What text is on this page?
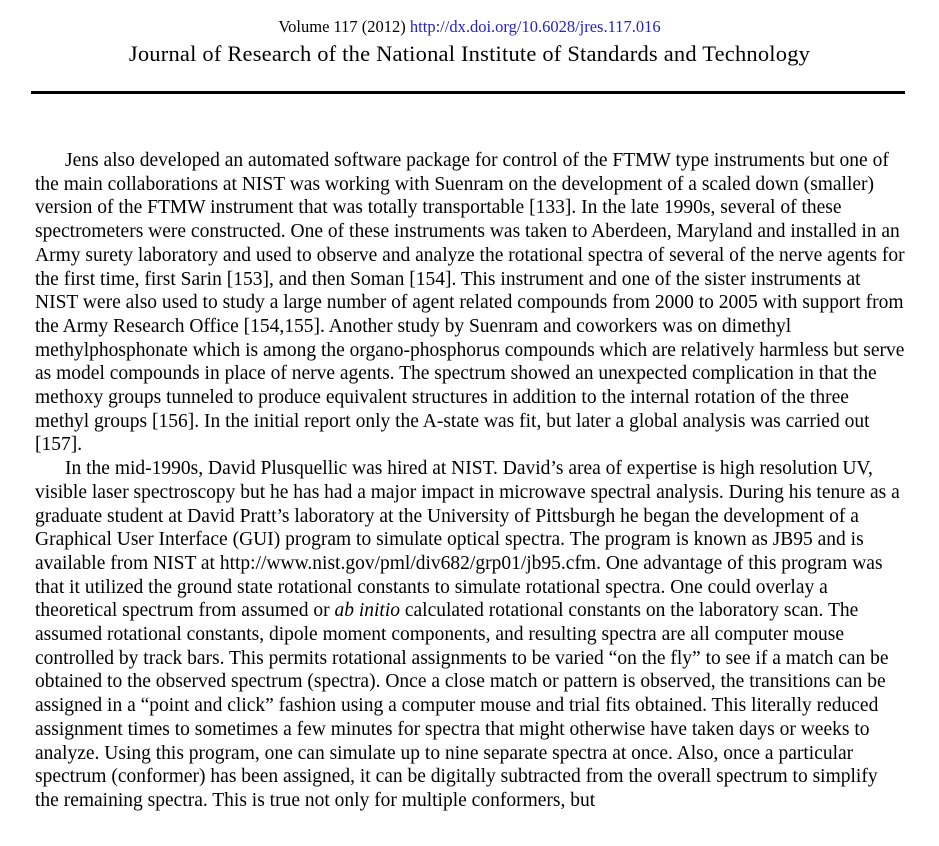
Volume 117 (2012) http://dx.doi.org/10.6028/jres.117.016
Journal of Research of the National Institute of Standards and Technology

Jens also developed an automated software package for control of the FTMW type instruments but one of the main collaborations at NIST was working with Suenram on the development of a scaled down (smaller) version of the FTMW instrument that was totally transportable [133]. In the late 1990s, several of these spectrometers were constructed. One of these instruments was taken to Aberdeen, Maryland and installed in an Army surety laboratory and used to observe and analyze the rotational spectra of several of the nerve agents for the first time, first Sarin [153], and then Soman [154]. This instrument and one of the sister instruments at NIST were also used to study a large number of agent related compounds from 2000 to 2005 with support from the Army Research Office [154,155]. Another study by Suenram and coworkers was on dimethyl methylphosphonate which is among the organo-phosphorus compounds which are relatively harmless but serve as model compounds in place of nerve agents. The spectrum showed an unexpected complication in that the methoxy groups tunneled to produce equivalent structures in addition to the internal rotation of the three methyl groups [156]. In the initial report only the A-state was fit, but later a global analysis was carried out [157].

In the mid-1990s, David Plusquellic was hired at NIST. David’s area of expertise is high resolution UV, visible laser spectroscopy but he has had a major impact in microwave spectral analysis. During his tenure as a graduate student at David Pratt’s laboratory at the University of Pittsburgh he began the development of a Graphical User Interface (GUI) program to simulate optical spectra. The program is known as JB95 and is available from NIST at http://www.nist.gov/pml/div682/grp01/jb95.cfm. One advantage of this program was that it utilized the ground state rotational constants to simulate rotational spectra. One could overlay a theoretical spectrum from assumed or ab initio calculated rotational constants on the laboratory scan. The assumed rotational constants, dipole moment components, and resulting spectra are all computer mouse controlled by track bars. This permits rotational assignments to be varied “on the fly” to see if a match can be obtained to the observed spectrum (spectra). Once a close match or pattern is observed, the transitions can be assigned in a “point and click” fashion using a computer mouse and trial fits obtained. This literally reduced assignment times to sometimes a few minutes for spectra that might otherwise have taken days or weeks to analyze. Using this program, one can simulate up to nine separate spectra at once. Also, once a particular spectrum (conformer) has been assigned, it can be digitally subtracted from the overall spectrum to simplify the remaining spectra. This is true not only for multiple conformers, but
